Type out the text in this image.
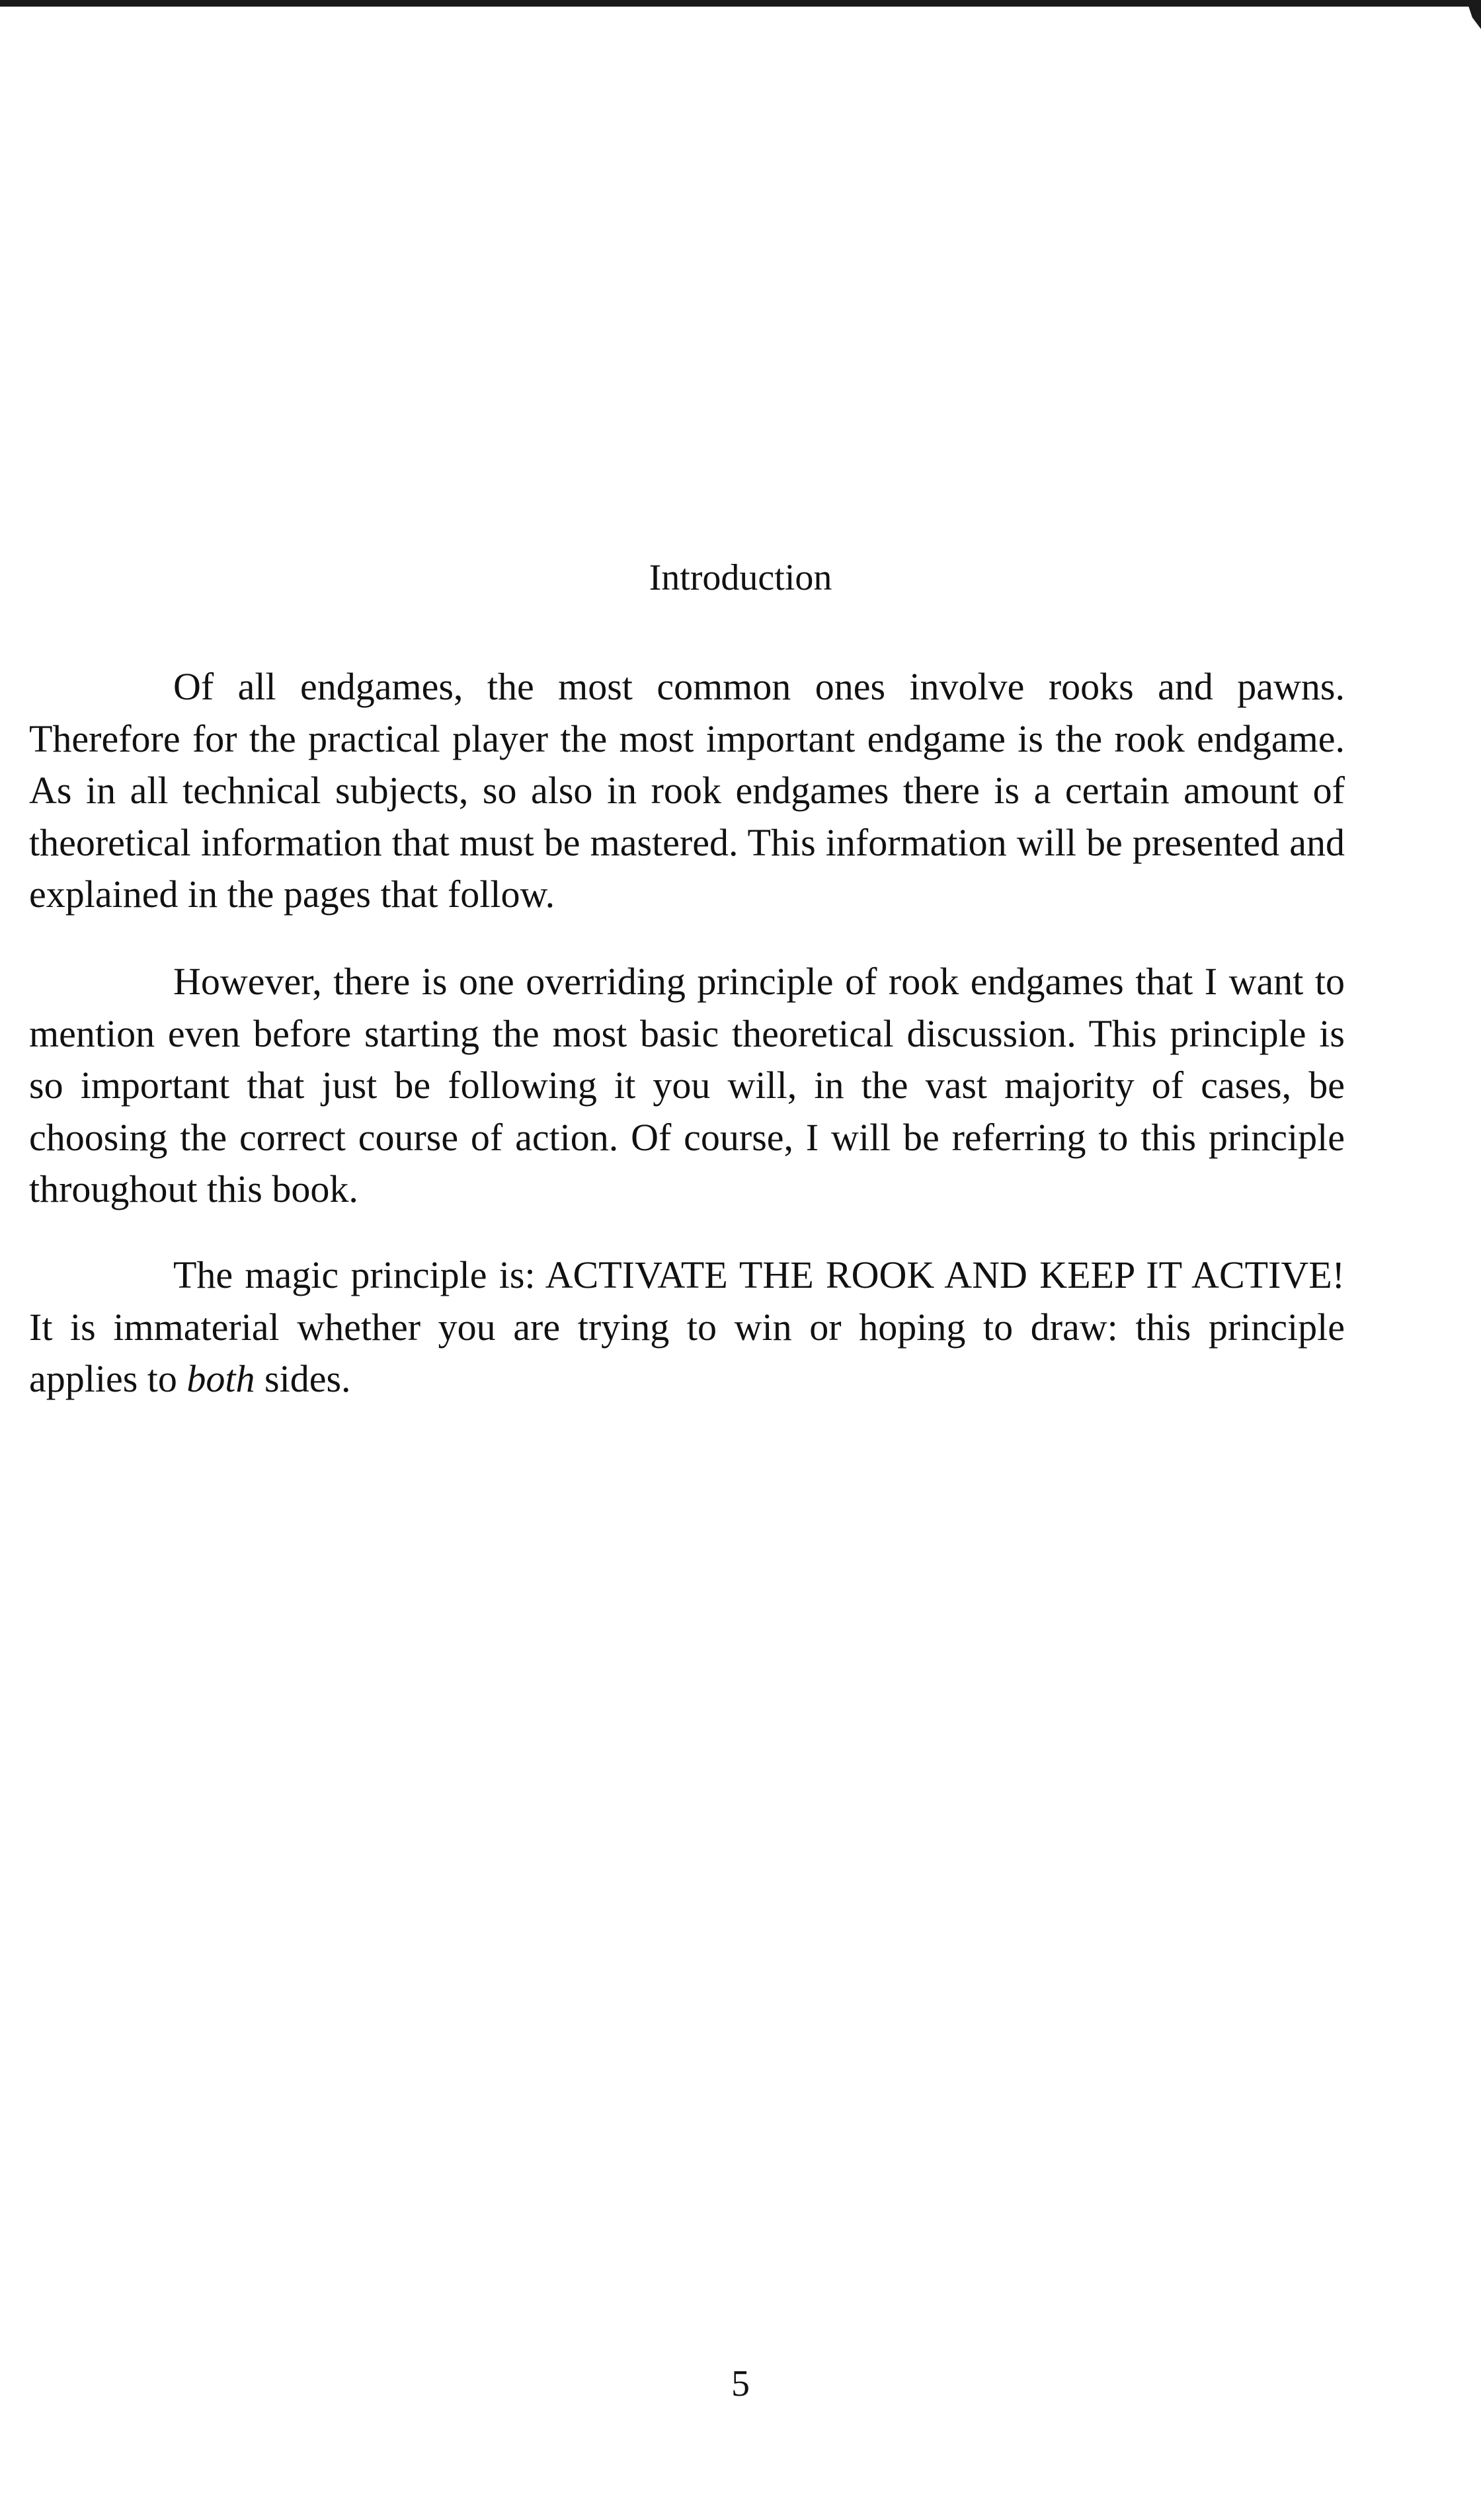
Introduction

Of all endgames, the most common ones involve rooks and pawns. Therefore for the practical player the most important endgame is the rook endgame. As in all technical subjects, so also in rook endgames there is a certain amount of theoretical information that must be mastered. This information will be presented and explained in the pages that follow.

However, there is one overriding principle of rook endgames that I want to mention even before starting the most basic theoretical discussion. This principle is so important that just be following it you will, in the vast majority of cases, be choosing the correct course of action. Of course, I will be referring to this principle throughout this book.

The magic principle is: ACTIVATE THE ROOK AND KEEP IT ACTIVE! It is immaterial whether you are trying to win or hoping to draw: this principle applies to both sides.

5
